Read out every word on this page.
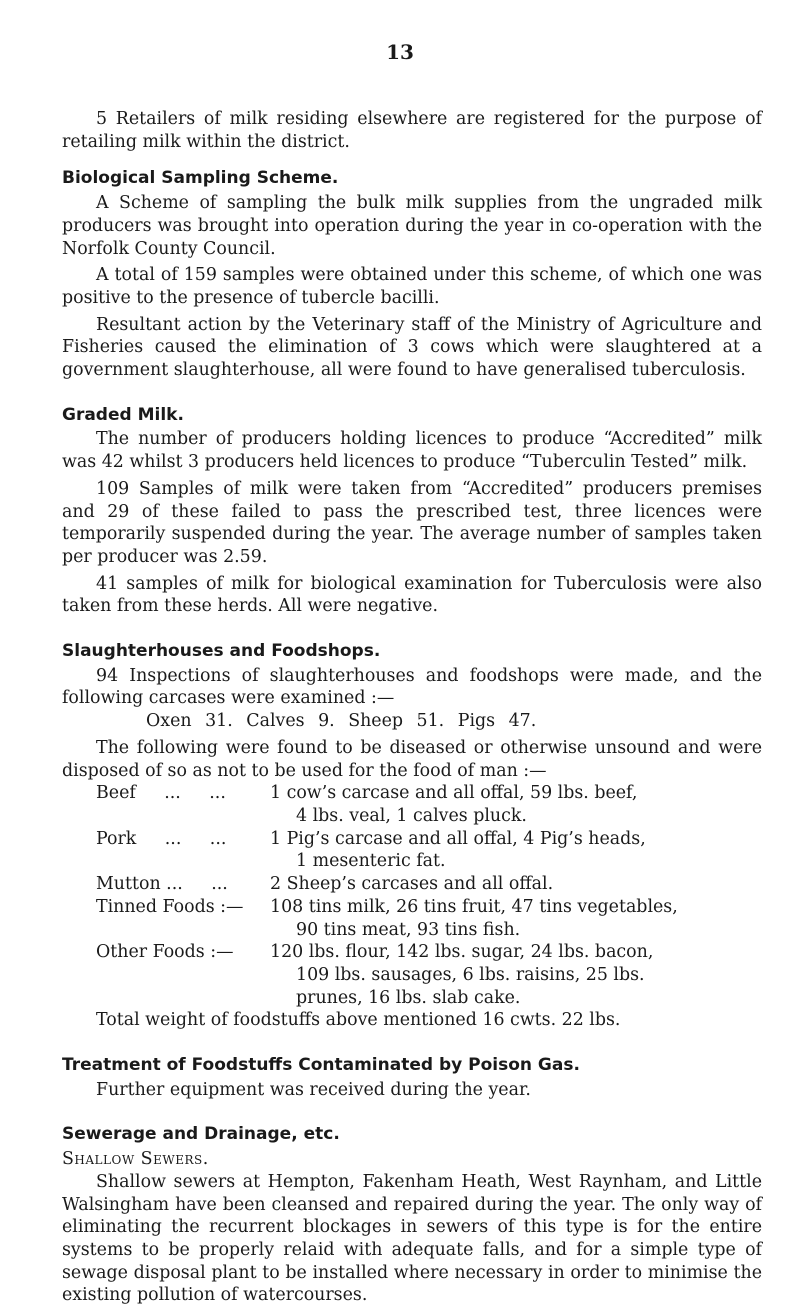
13

5 Retailers of milk residing elsewhere are registered for the purpose of retailing milk within the district.

Biological Sampling Scheme.

A Scheme of sampling the bulk milk supplies from the ungraded milk producers was brought into operation during the year in co-operation with the Norfolk County Council.

A total of 159 samples were obtained under this scheme, of which one was positive to the presence of tubercle bacilli.

Resultant action by the Veterinary staff of the Ministry of Agriculture and Fisheries caused the elimination of 3 cows which were slaughtered at a government slaughterhouse, all were found to have generalised tuberculosis.

Graded Milk.

The number of producers holding licences to produce “Accredited” milk was 42 whilst 3 producers held licences to produce “Tuberculin Tested” milk.

109 Samples of milk were taken from “Accredited” producers premises and 29 of these failed to pass the prescribed test, three licences were temporarily suspended during the year. The average number of samples taken per producer was 2.59.

41 samples of milk for biological examination for Tuberculosis were also taken from these herds. All were negative.

Slaughterhouses and Foodshops.

94 Inspections of slaughterhouses and foodshops were made, and the following carcases were examined :—

Oxen 31. Calves 9. Sheep 51. Pigs 47.

The following were found to be diseased or otherwise unsound and were disposed of so as not to be used for the food of man :—

Beef   ...   ...	1 cow’s carcase and all offal, 59 lbs. beef,
4 lbs. veal, 1 calves pluck.

Pork   ...   ...	1 Pig’s carcase and all offal, 4 Pig’s heads,
1 mesenteric fat.

Mutton ...   ...	2 Sheep’s carcases and all offal.

Tinned Foods :—	108 tins milk, 26 tins fruit, 47 tins vegetables,
90 tins meat, 93 tins fish.

Other Foods :—	120 lbs. flour, 142 lbs. sugar, 24 lbs. bacon,
109 lbs. sausages, 6 lbs. raisins, 25 lbs.
prunes, 16 lbs. slab cake.

Total weight of foodstuffs above mentioned 16 cwts. 22 lbs.

Treatment of Foodstuffs Contaminated by Poison Gas.

Further equipment was received during the year.

Sewerage and Drainage, etc.

Shallow Sewers.

Shallow sewers at Hempton, Fakenham Heath, West Raynham, and Little Walsingham have been cleansed and repaired during the year. The only way of eliminating the recurrent blockages in sewers of this type is for the entire systems to be properly relaid with adequate falls, and for a simple type of sewage disposal plant to be installed where necessary in order to minimise the existing pollution of watercourses.
